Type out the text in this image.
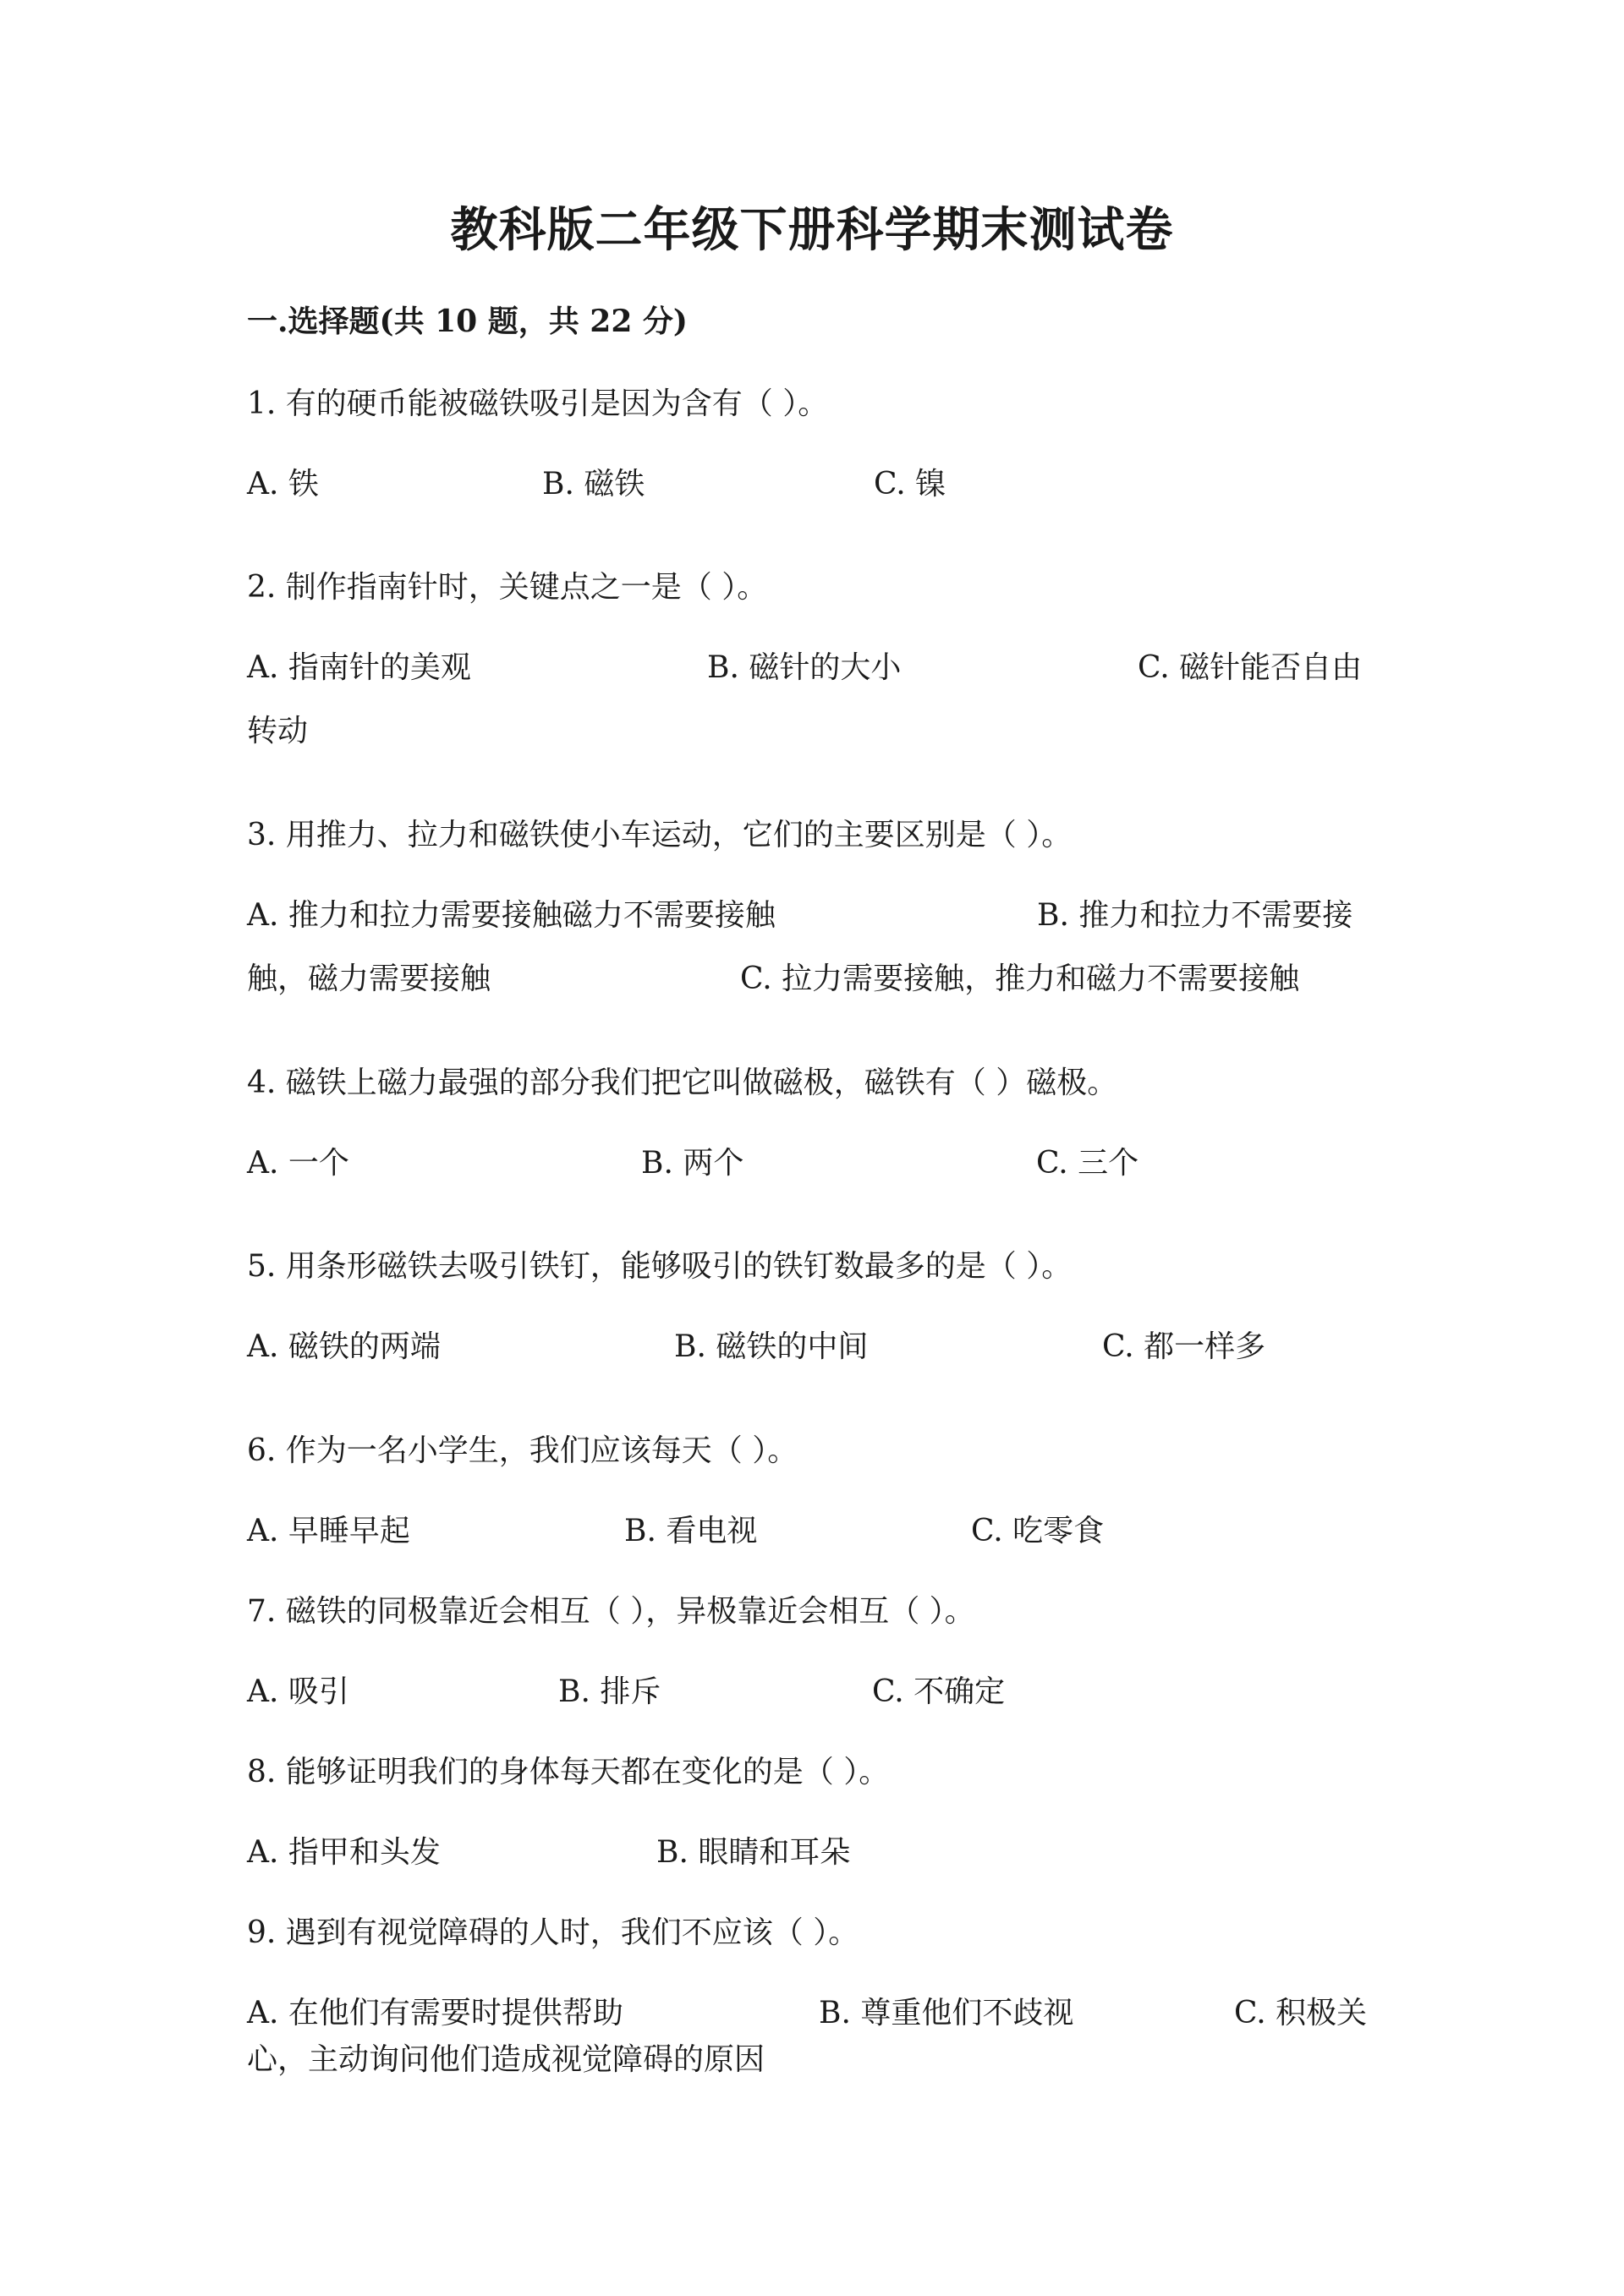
教科版二年级下册科学期末测试卷
一.选择题(共 10 题，共 22 分)
1. 有的硬币能被磁铁吸引是因为含有（ ）。
A. 铁	B. 磁铁	C. 镍
2. 制作指南针时，关键点之一是（ ）。
A. 指南针的美观	B. 磁针的大小	C. 磁针能否自由
转动
3. 用推力、拉力和磁铁使小车运动，它们的主要区别是（ ）。
A. 推力和拉力需要接触磁力不需要接触	B. 推力和拉力不需要接
触，磁力需要接触	C. 拉力需要接触，推力和磁力不需要接触
4. 磁铁上磁力最强的部分我们把它叫做磁极，磁铁有（ ）磁极。
A. 一个	B. 两个	C. 三个
5. 用条形磁铁去吸引铁钉，能够吸引的铁钉数最多的是（ ）。
A. 磁铁的两端	B. 磁铁的中间	C. 都一样多
6. 作为一名小学生，我们应该每天（ ）。
A. 早睡早起	B. 看电视	C. 吃零食
7. 磁铁的同极靠近会相互（ ），异极靠近会相互（ ）。
A. 吸引	B. 排斥	C. 不确定
8. 能够证明我们的身体每天都在变化的是（ ）。
A. 指甲和头发	B. 眼睛和耳朵
9. 遇到有视觉障碍的人时，我们不应该（ ）。
A. 在他们有需要时提供帮助	B. 尊重他们不歧视	C. 积极关
心，主动询问他们造成视觉障碍的原因
